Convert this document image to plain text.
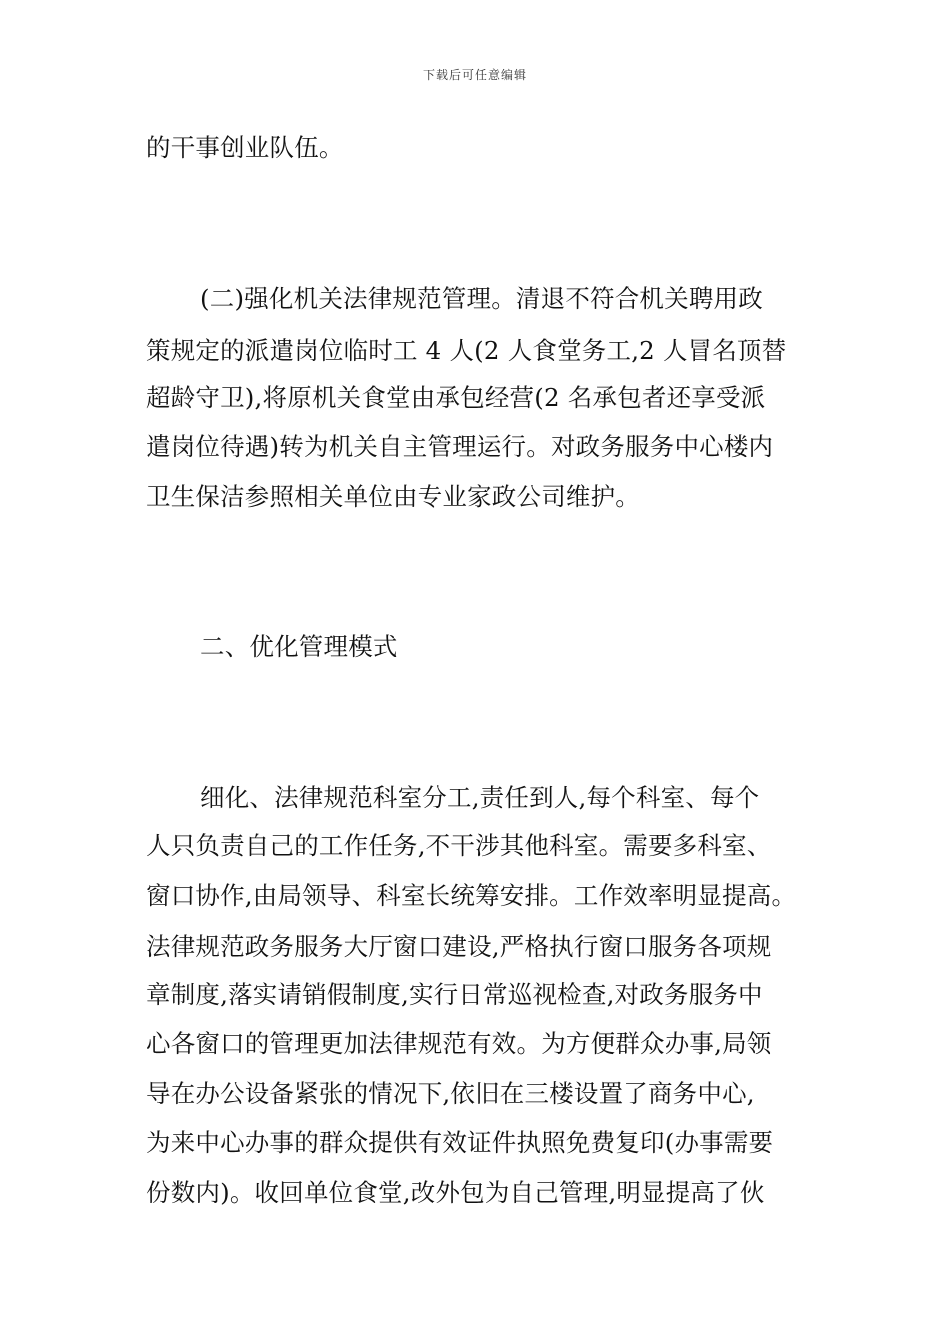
下载后可任意编辑
的干事创业队伍。
(二)强化机关法律规范管理。清退不符合机关聘用政
策规定的派遣岗位临时工 4 人(2 人食堂务工,2 人冒名顶替
超龄守卫),将原机关食堂由承包经营(2 名承包者还享受派
遣岗位待遇)转为机关自主管理运行。对政务服务中心楼内
卫生保洁参照相关单位由专业家政公司维护。
二、优化管理模式
细化、法律规范科室分工,责任到人,每个科室、每个
人只负责自己的工作任务,不干涉其他科室。需要多科室、
窗口协作,由局领导、科室长统筹安排。工作效率明显提高。
法律规范政务服务大厅窗口建设,严格执行窗口服务各项规
章制度,落实请销假制度,实行日常巡视检查,对政务服务中
心各窗口的管理更加法律规范有效。为方便群众办事,局领
导在办公设备紧张的情况下,依旧在三楼设置了商务中心,
为来中心办事的群众提供有效证件执照免费复印(办事需要
份数内)。收回单位食堂,改外包为自己管理,明显提高了伙
